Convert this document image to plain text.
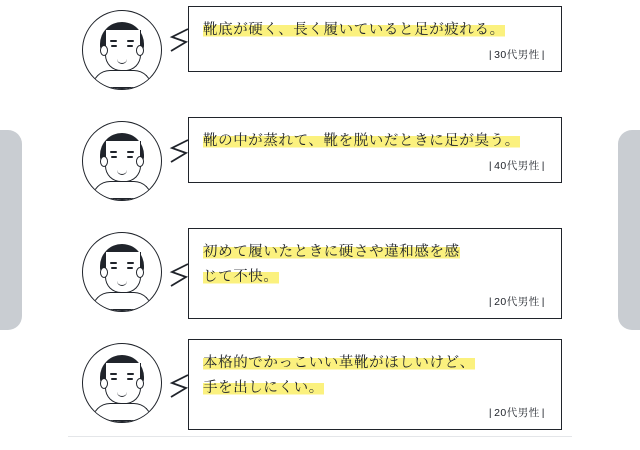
靴底が硬く、長く履いていると足が疲れる。
| 30代男性 |
靴の中が蒸れて、靴を脱いだときに足が臭う。
| 40代男性 |
初めて履いたときに硬さや違和感を感
じて不快。
| 20代男性 |
本格的でかっこいい革靴がほしいけど、
手を出しにくい。
| 20代男性 |
